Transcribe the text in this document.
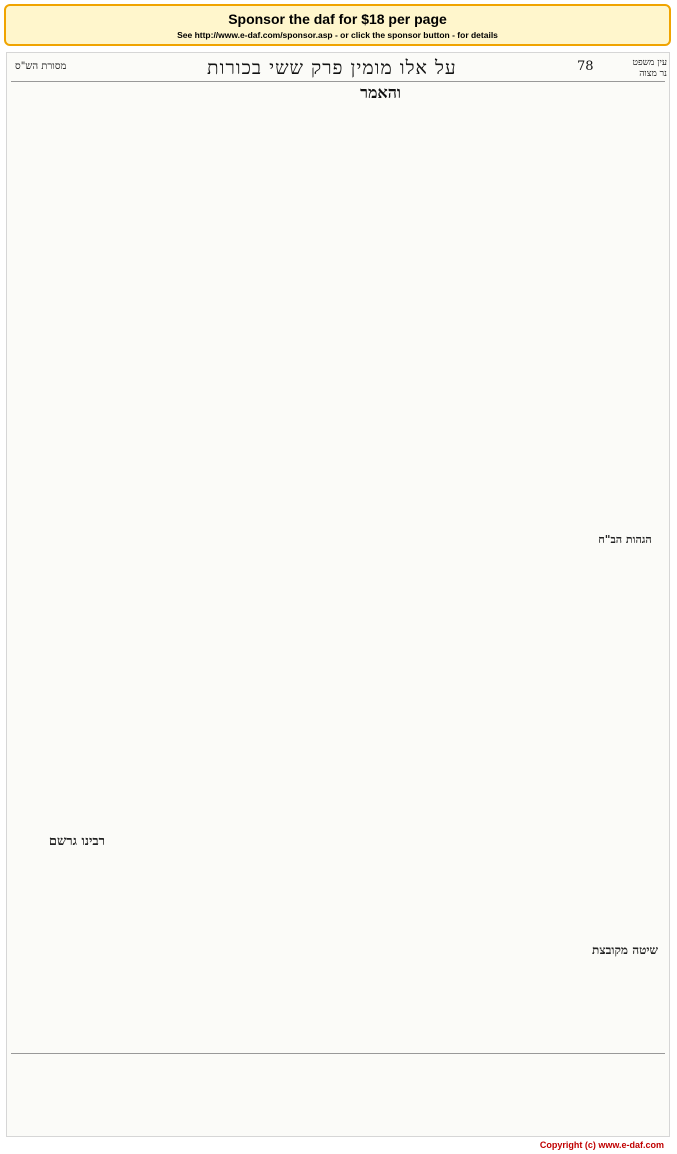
Sponsor the daf for $18 per page
See http://www.e-daf.com/sponsor.asp - or click the sponsor button - for details
מסורת הש"ס	על אלו מומין פרק ששי בכורות	78	עין משפט
נר מצוה
והאמר
רבינו גרשם
הגהות הב"ח
שיטה מקובצת
Copyright (c) www.e-daf.com
